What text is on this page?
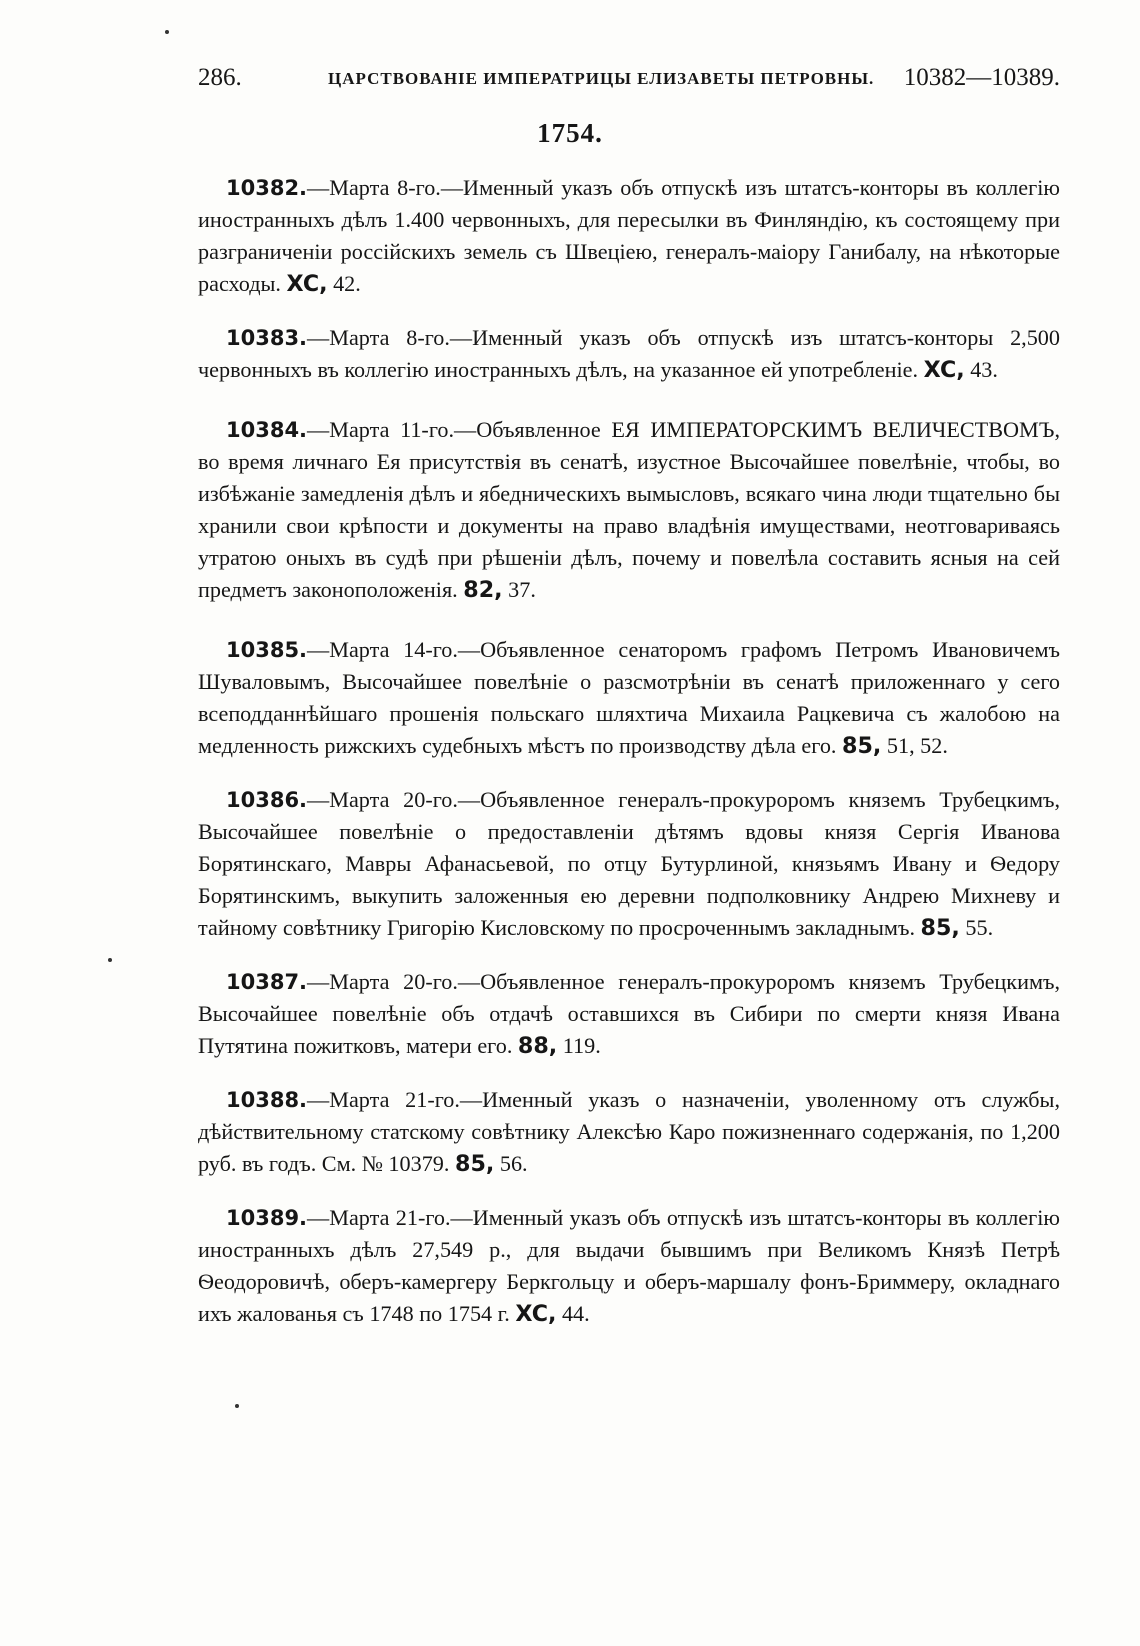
286.	ЦАРСТВОВАНІЕ ИМПЕРАТРИЦЫ ЕЛИЗАВЕТЫ ПЕТРОВНЫ. 10382—10389.
1754.

10382.—Марта 8-го.—Именный указъ объ отпускѣ изъ штатсъ-конторы въ коллегію иностранныхъ дѣлъ 1.400 червонныхъ, для пересылки въ Финляндію, къ состоящему при разграниченіи россійскихъ земель съ Швеціею, генералъ-маіору Ганибалу, на нѣкоторые расходы. XC, 42.

10383.—Марта 8-го.—Именный указъ объ отпускѣ изъ штатсъ-конторы 2,500 червонныхъ въ коллегію иностранныхъ дѣлъ, на указанное ей употребленіе. XC, 43.

10384.—Марта 11-го.—Объявленное ЕЯ ИМПЕРАТОРСКИМЪ ВЕЛИЧЕСТВОМЪ, во время личнаго Ея присутствія въ сенатѣ, изустное Высочайшее повелѣніе, чтобы, во избѣжаніе замедленія дѣлъ и ябедническихъ вымысловъ, всякаго чина люди тщательно бы хранили свои крѣпости и документы на право владѣнія имуществами, неотговариваясь утратою оныхъ въ судѣ при рѣшеніи дѣлъ, почему и повелѣла составить ясныя на сей предметъ законоположенія. 82, 37.

10385.—Марта 14-го.—Объявленное сенаторомъ графомъ Петромъ Ивановичемъ Шуваловымъ, Высочайшее повелѣніе о разсмотрѣніи въ сенатѣ приложеннаго у сего всеподданнѣйшаго прошенія польскаго шляхтича Михаила Рацкевича съ жалобою на медленность рижскихъ судебныхъ мѣстъ по производству дѣла его. 85, 51, 52.

10386.—Марта 20-го.—Объявленное генералъ-прокуроромъ княземъ Трубецкимъ, Высочайшее повелѣніе о предоставленіи дѣтямъ вдовы князя Сергія Иванова Борятинскаго, Мавры Афанасьевой, по отцу Бутурлиной, князьямъ Ивану и Ѳедору Борятинскимъ, выкупить заложенныя ею деревни подполковнику Андрею Михневу и тайному совѣтнику Григорію Кисловскому по просроченнымъ закладнымъ. 85, 55.

10387.—Марта 20-го.—Объявленное генералъ-прокуроромъ княземъ Трубецкимъ, Высочайшее повелѣніе объ отдачѣ оставшихся въ Сибири по смерти князя Ивана Путятина пожитковъ, матери его. 88, 119.

10388.—Марта 21-го.—Именный указъ о назначеніи, уволенному отъ службы, дѣйствительному статскому совѣтнику Алексѣю Каро пожизненнаго содержанія, по 1,200 руб. въ годъ. См. № 10379. 85, 56.

10389.—Марта 21-го.—Именный указъ объ отпускѣ изъ штатсъ-конторы въ коллегію иностранныхъ дѣлъ 27,549 р., для выдачи бывшимъ при Великомъ Князѣ Петрѣ Ѳеодоровичѣ, оберъ-камергеру Беркгольцу и оберъ-маршалу фонъ-Бриммеру, окладнаго ихъ жалованья съ 1748 по 1754 г. XC, 44.
